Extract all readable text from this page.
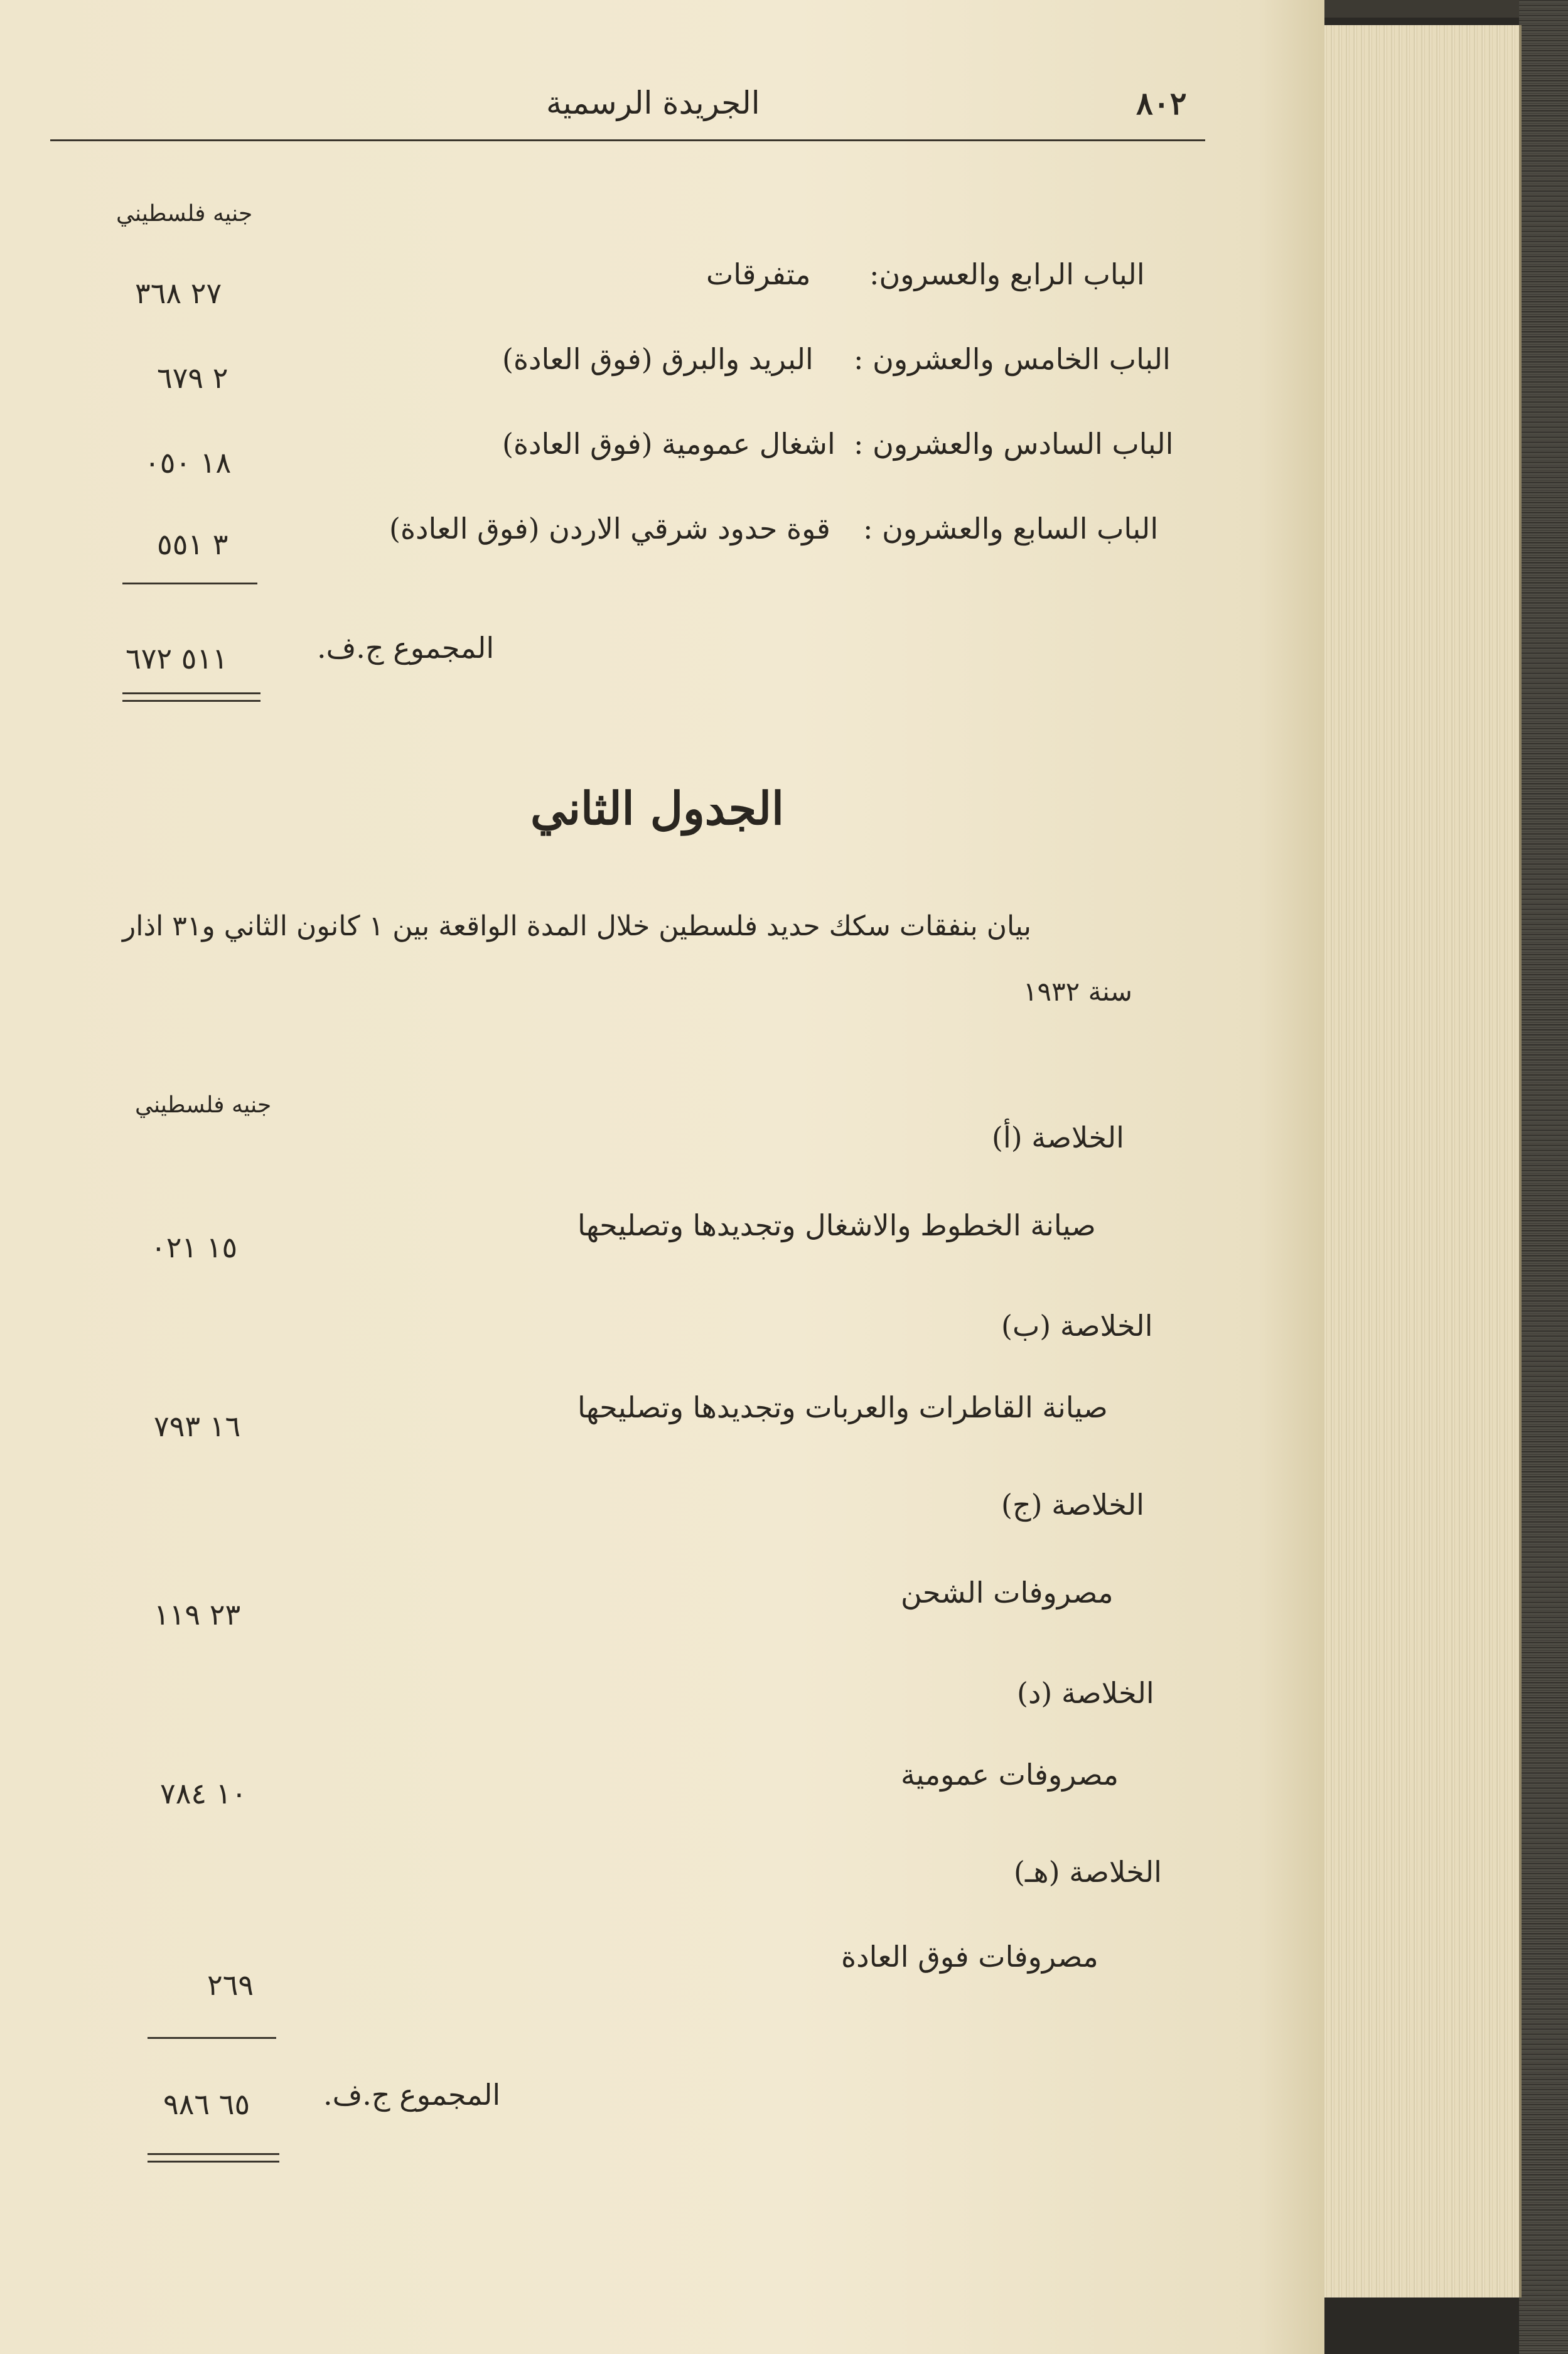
٨٠٢
الجريدة الرسمية
جنيه فلسطيني
الباب الرابع والعسرون:
متفرقات
٢٧ ٣٦٨
الباب الخامس والعشرون :
البريد والبرق (فوق العادة)
٢ ٦٧٩
الباب السادس والعشرون :
اشغال عمومية (فوق العادة)
١٨ ٠٥٠
الباب السابع والعشرون :
قوة حدود شرقي الاردن (فوق العادة)
٣ ٥٥١
المجموع ج.ف.
٥١١ ٦٧٢
الجدول الثاني
بيان بنفقات سكك حديد فلسطين خلال المدة الواقعة بين ١ كانون الثاني و٣١ اذار
سنة ١٩٣٢
جنيه فلسطيني
الخلاصة (أ)
صيانة الخطوط والاشغال وتجديدها وتصليحها
١٥ ٠٢١
الخلاصة (ب)
صيانة القاطرات والعربات وتجديدها وتصليحها
١٦ ٧٩٣
الخلاصة (ج)
مصروفات الشحن
٢٣ ١١٩
الخلاصة (د)
مصروفات عمومية
١٠ ٧٨٤
الخلاصة (هـ)
مصروفات فوق العادة
٢٦٩
المجموع ج.ف.
٦٥ ٩٨٦
